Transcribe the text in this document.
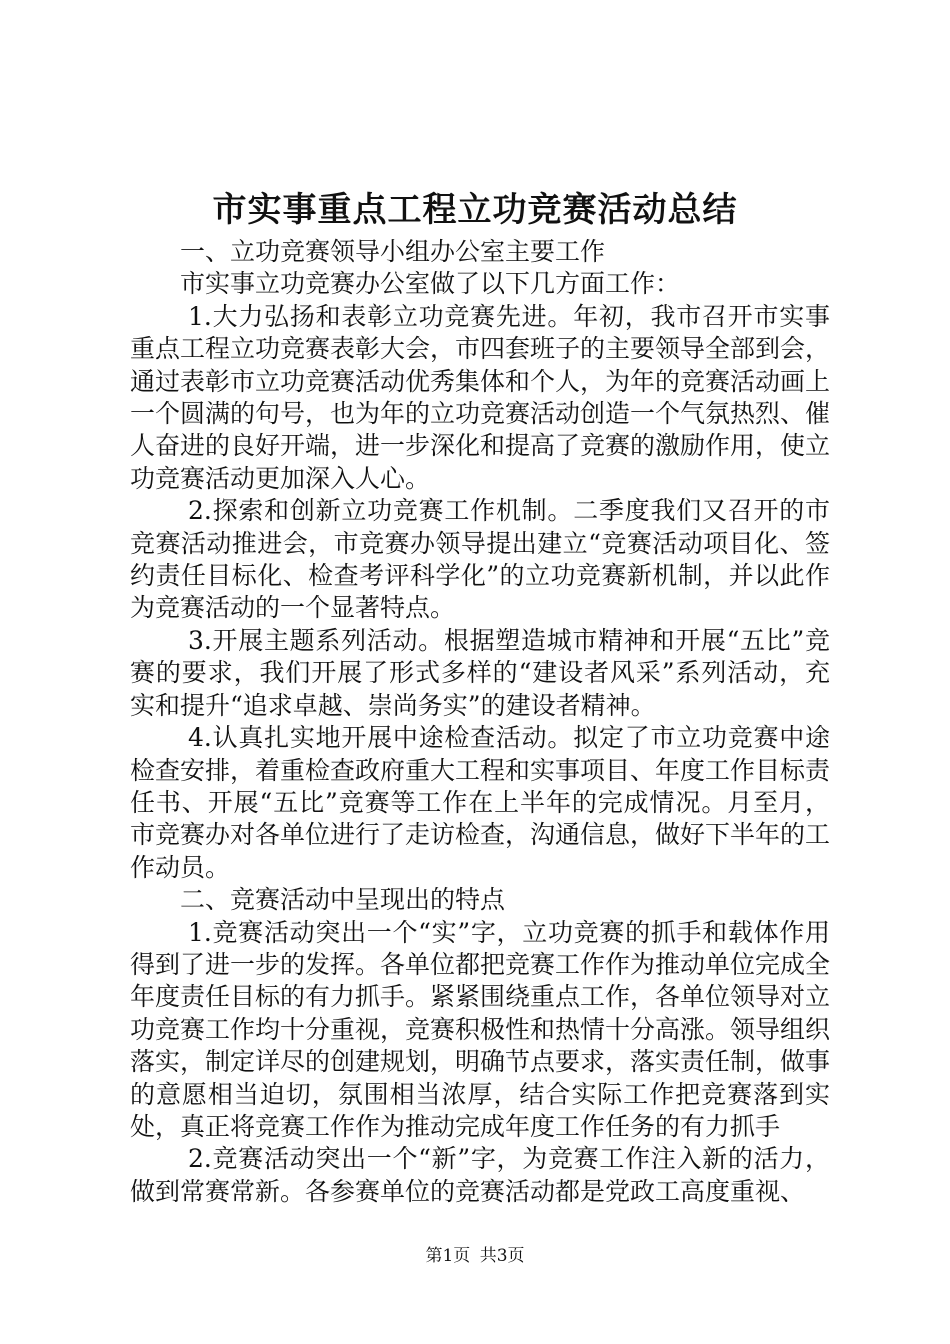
市实事重点工程立功竞赛活动总结

一、立功竞赛领导小组办公室主要工作

市实事立功竞赛办公室做了以下几方面工作：

1.大力弘扬和表彰立功竞赛先进。年初，我市召开市实事重点工程立功竞赛表彰大会，市四套班子的主要领导全部到会，通过表彰市立功竞赛活动优秀集体和个人，为年的竞赛活动画上一个圆满的句号，也为年的立功竞赛活动创造一个气氛热烈、催人奋进的良好开端，进一步深化和提高了竞赛的激励作用，使立功竞赛活动更加深入人心。

2.探索和创新立功竞赛工作机制。二季度我们又召开的市竞赛活动推进会，市竞赛办领导提出建立“竞赛活动项目化、签约责任目标化、检查考评科学化”的立功竞赛新机制，并以此作为竞赛活动的一个显著特点。

3.开展主题系列活动。根据塑造城市精神和开展“五比”竞赛的要求，我们开展了形式多样的“建设者风采”系列活动，充实和提升“追求卓越、崇尚务实”的建设者精神。

4.认真扎实地开展中途检查活动。拟定了市立功竞赛中途检查安排，着重检查政府重大工程和实事项目、年度工作目标责任书、开展“五比”竞赛等工作在上半年的完成情况。月至月，市竞赛办对各单位进行了走访检查，沟通信息，做好下半年的工作动员。

二、竞赛活动中呈现出的特点

1.竞赛活动突出一个“实”字，立功竞赛的抓手和载体作用得到了进一步的发挥。各单位都把竞赛工作作为推动单位完成全年度责任目标的有力抓手。紧紧围绕重点工作，各单位领导对立功竞赛工作均十分重视，竞赛积极性和热情十分高涨。领导组织落实，制定详尽的创建规划，明确节点要求，落实责任制，做事的意愿相当迫切，氛围相当浓厚，结合实际工作把竞赛落到实处，真正将竞赛工作作为推动完成年度工作任务的有力抓手

2.竞赛活动突出一个“新”字，为竞赛工作注入新的活力，做到常赛常新。各参赛单位的竞赛活动都是党政工高度重视、

第1页 共3页
